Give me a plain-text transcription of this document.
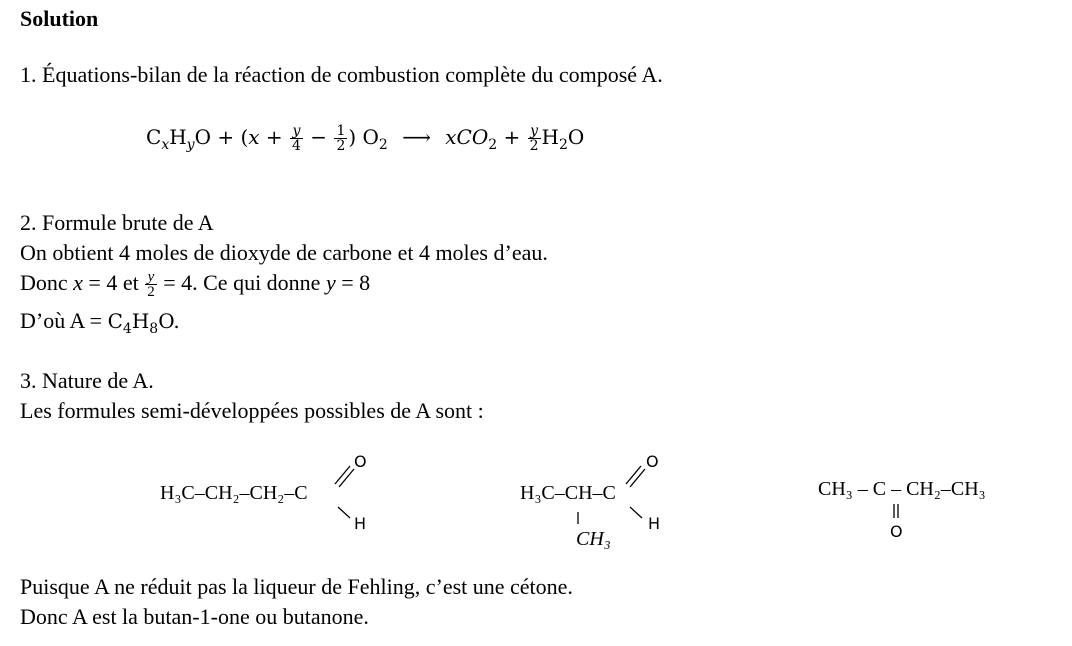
Solution
1. Équations-bilan de la réaction de combustion complète du composé A.
$C_xH_yO + (x + \frac{y}{4} - \frac{1}{2}$ ) $O_2$ ⟶ $xCO_2 + \frac{y}{2} H_2O$
2. Formule brute de A
On obtient 4 moles de dioxyde de carbone et 4 moles d’eau.
Donc x = 4 et $\frac{y}{2} = 4$. Ce qui donne y = 8
D’où $A = C_4H_8O$.
3. Nature de A.
Les formules semi-développées possibles de A sont :
H₃C–CH₂–CH₂–C
O
H
H₃C–CH–C
O
H
CH₃
CH₃ – C – CH₂–CH₃
O
Puisque A ne réduit pas la liqueur de Fehling, c’est une cétone.
Donc A est la butan-1-one ou butanone.
